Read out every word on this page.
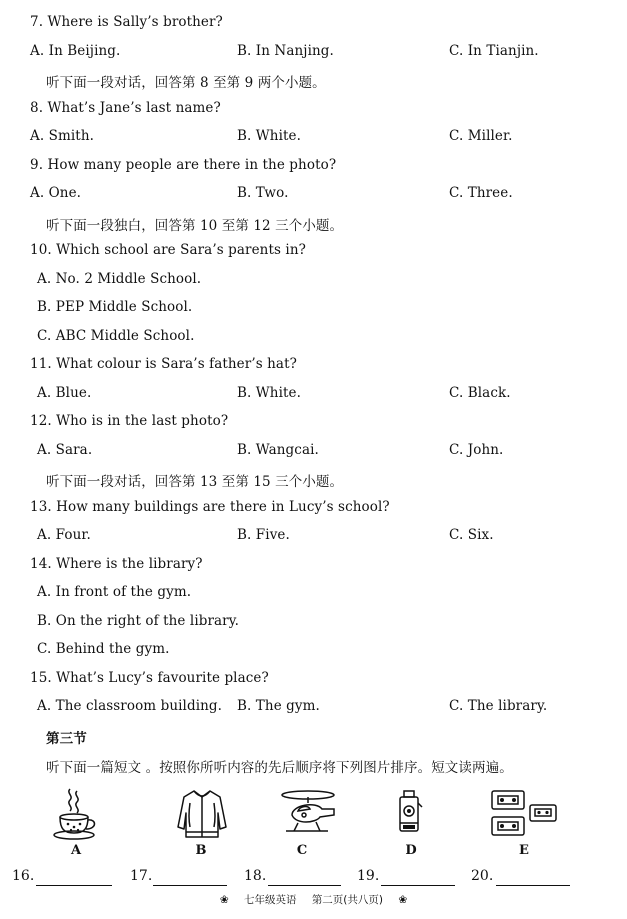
7. Where is Sally’s brother?
A. In Beijing.	B. In Nanjing.	C. In Tianjin.
听下面一段对话，回答第 8 至第 9 两个小题。
8. What’s Jane’s last name?
A. Smith.	B. White.	C. Miller.
9. How many people are there in the photo?
A. One.	B. Two.	C. Three.
听下面一段独白，回答第 10 至第 12 三个小题。
10. Which school are Sara’s parents in?
A. No. 2 Middle School.
B. PEP Middle School.
C. ABC Middle School.
11. What colour is Sara’s father’s hat?
A. Blue.	B. White.	C. Black.
12. Who is in the last photo?
A. Sara.	B. Wangcai.	C. John.
听下面一段对话，回答第 13 至第 15 三个小题。
13. How many buildings are there in Lucy’s school?
A. Four.	B. Five.	C. Six.
14. Where is the library?
A. In front of the gym.
B. On the right of the library.
C. Behind the gym.
15. What’s Lucy’s favourite place?
A. The classroom building. B. The gym.	C. The library.
第三节
听下面一篇短文 。按照你所听内容的先后顺序将下列图片排序。短文读两遍。
A	B	C	D	E
16.	17.	18.	19.	20.
❀ 七年级英语 第二页(共八页) ❀
